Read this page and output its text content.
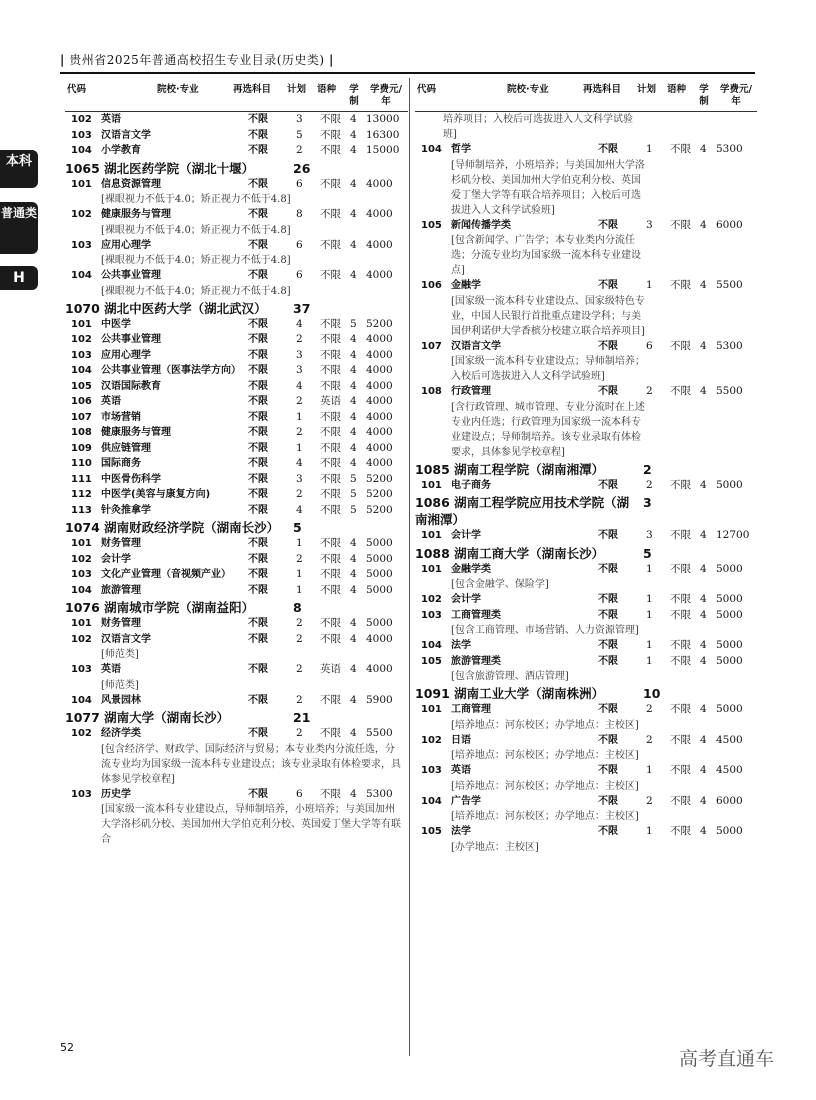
| 贵州省2025年普通高校招生专业目录(历史类) |
本科
普通类
H
代码	院校·专业	再选科目 计划 语种 学制
学费元/年
102 英语	不限	3 不限 4 13000
103 汉语言文学	不限	5 不限 4 16300
104 小学教育	不限	2 不限 4 15000
1065 湖北医药学院（湖北十堰）	26
101 信息资源管理	不限	6 不限 4 4000
[裸眼视力不低于4.0；矫正视力不低于4.8]
102 健康服务与管理	不限	8 不限 4 4000
[裸眼视力不低于4.0；矫正视力不低于4.8]
103 应用心理学	不限	6 不限 4 4000
[裸眼视力不低于4.0；矫正视力不低于4.8]
104 公共事业管理	不限	6 不限 4 4000
[裸眼视力不低于4.0；矫正视力不低于4.8]
1070 湖北中医药大学（湖北武汉）	37
101 中医学	不限	4 不限 5 5200
102 公共事业管理	不限	2 不限 4 4000
103 应用心理学	不限	3 不限 4 4000
104 公共事业管理（医事法学方向） 不限	3 不限 4 4000
105 汉语国际教育	不限	4 不限 4 4000
106 英语	不限	2 英语 4 4000
107 市场营销	不限	1 不限 4 4000
108 健康服务与管理	不限	2 不限 4 4000
109 供应链管理	不限	1 不限 4 4000
110 国际商务	不限	4 不限 4 4000
111 中医骨伤科学	不限	3 不限 5 5200
112 中医学(美容与康复方向)	不限	2 不限 5 5200
113 针灸推拿学	不限	4 不限 5 5200
1074 湖南财政经济学院（湖南长沙）	5
101 财务管理	不限	1 不限 4 5000
102 会计学	不限	2 不限 4 5000
103 文化产业管理（音视频产业）	不限	1 不限 4 5000
104 旅游管理	不限	1 不限 4 5000
1076 湖南城市学院（湖南益阳）	8
101 财务管理	不限	2 不限 4 5000
102 汉语言文学	不限	2 不限 4 4000
[师范类]
103 英语	不限	2 英语 4 4000
[师范类]
104 风景园林	不限	2 不限 4 5900
1077 湖南大学（湖南长沙）	21
102 经济学类	不限	2 不限 4 5500
[包含经济学、财政学、国际经济与贸易；本专业类内分流任选，分流专业均为国家级一流本科专业建设点；该专业录取有体检要求，具体参见学校章程]
103 历史学	不限	6 不限 4 5300
[国家级一流本科专业建设点，导师制培养，小班培养；与美国加州大学洛杉矶分校、美国加州大学伯克利分校、英国爱丁堡大学等有联合
代码	院校·专业	再选科目 计划 语种 学制
学费元/年
培养项目；入校后可选拔进入人文科学试验班]
104 哲学	不限	1 不限 4 5300
[导师制培养，小班培养；与美国加州大学洛杉矶分校、美国加州大学伯克利分校、英国爱丁堡大学等有联合培养项目；入校后可选拔进入人文科学试验班]
105 新闻传播学类	不限	3 不限 4 6000
[包含新闻学、广告学；本专业类内分流任选；分流专业均为国家级一流本科专业建设点]
106 金融学	不限	1 不限 4 5500
[国家级一流本科专业建设点、国家级特色专业，中国人民银行首批重点建设学科；与美国伊利诺伊大学香槟分校建立联合培养项目]
107 汉语言文学	不限	6 不限 4 5300
[国家级一流本科专业建设点；导师制培养；入校后可选拔进入人文科学试验班]
108 行政管理	不限	2 不限 4 5500
[含行政管理、城市管理、专业分流时在上述专业内任选；行政管理为国家级一流本科专业建设点；导师制培养。该专业录取有体检要求，具体参见学校章程]
1085 湖南工程学院（湖南湘潭）	2
101 电子商务	不限	2 不限 4 5000
1086 湖南工程学院应用技术学院（湖南湘潭）
3
101 会计学	不限	3 不限 4 12700
1088 湖南工商大学（湖南长沙）	5
101 金融学类	不限	1 不限 4 5000
[包含金融学、保险学]
102 会计学	不限	1 不限 4 5000
103 工商管理类	不限	1 不限 4 5000
[包含工商管理、市场营销、人力资源管理]
104 法学	不限	1 不限 4 5000
105 旅游管理类	不限	1 不限 4 5000
[包含旅游管理、酒店管理]
1091 湖南工业大学（湖南株洲）	10
101 工商管理	不限	2 不限 4 5000
[培养地点：河东校区；办学地点：主校区]
102 日语	不限	2 不限 4 4500
[培养地点：河东校区；办学地点：主校区]
103 英语	不限	1 不限 4 4500
[培养地点：河东校区；办学地点：主校区]
104 广告学	不限	2 不限 4 6000
[培养地点：河东校区；办学地点：主校区]
105 法学	不限	1 不限 4 5000
[办学地点：主校区]
52
高考直通车
